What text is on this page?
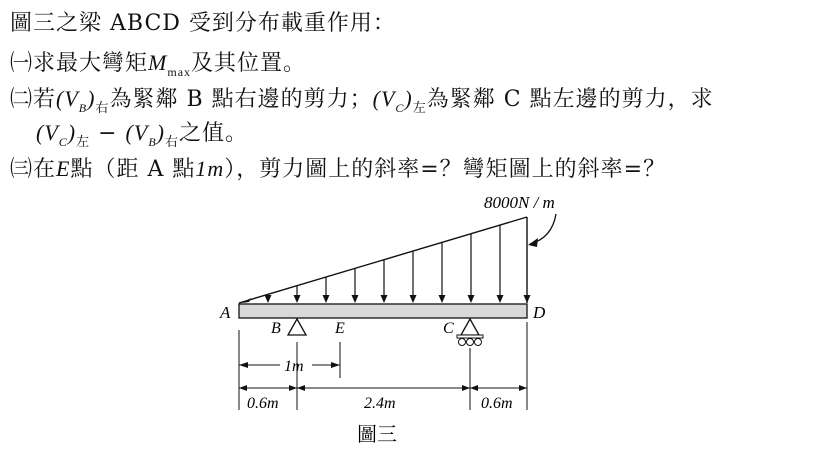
圖三之梁 ABCD 受到分布載重作用：
㈠求最大彎矩$M_{max}$及其位置。
㈡若$(V_B)_右$為緊鄰 B 點右邊的剪力；$(V_C)_左$為緊鄰 C 點左邊的剪力，求
$(V_C)_左 - (V_B)_右$之值。
㈢在E點（距 A 點1m），剪力圖上的斜率=？彎矩圖上的斜率=？
8000N / m
A	D
B	E	C
1m
0.6m	2.4m	0.6m
圖三
